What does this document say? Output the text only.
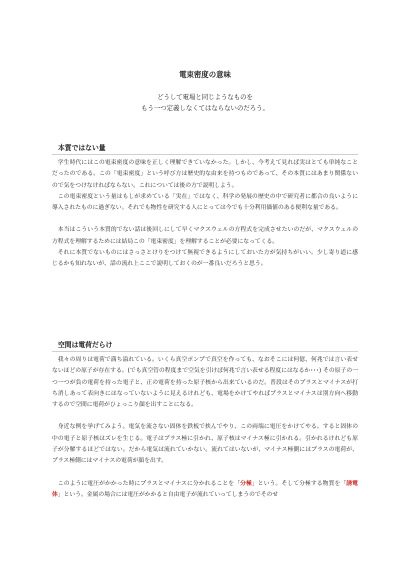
電束密度の意味
どうして電場と同じようなものを
もう一つ定義しなくてはならないのだろう。
本質ではない量

学生時代にはこの電束密度の意味を正しく理解できていなかった。しかし、今考えて見れば実はとても単純なことだったのである。この「電束密度」という呼び方は歴史的な由来を持つものであって、その本質にはあまり関係ないので気をつけなければならない。これについては後の方で説明しよう。

この電束密度という量はもしが求めている「実在」ではなく、科学の発展の歴史の中で研究者に都合の良いように導入されたものに過ぎない。それでも物性を研究する人にとっては今でも十分利用価値のある便利な量である。

本当はこういう本質的でない話は後回しにして早くマクスウェルの方程式を完成させたいのだが、マクスウェルの方程式を理解するためには結局この「電束密度」を理解することが必要になってくる。

それに本質でないものにはさっさとけりをつけて無視できるようにしておいた方が気持ちがいい。少し寄り道に感じるかも知れないが、話の流れ上ここで説明しておくのが一番良いだろうと思う。

空間は電荷だらけ

我々の周りは電荷で満ち溢れている。いくら真空ポンプで真空を作っても、なおそこには何億、何兆では言い表せないほどの原子が存在する。(でも真空管の程度まで空気を引けば何兆で言い表せる程度にはなるか･･･) その原子の一つ一つが負の電荷を持った電子と、正の電荷を持った原子核から出来ているのだ。普段はそのプラスとマイナスが打ち消しあって表向きにはなっていないように見えるけれども、電場をかけてやればプラスとマイナスは別方向へ移動するので空間に電荷がひょっこり顔を出すことになる。

身近な例を挙げてみよう。電気を流さない固体を鉄板で挟んでやり、この両端に電圧をかけてやる。すると固体の中の電子と原子核はズレを生じる。電子はプラス極に引かれ、原子核はマイナス極に引かれる。引かれるけれども原子が分解するほどではない。だから電気は流れていかない。流れてはいないが、マイナス極側にはプラスの電荷が、プラス極側にはマイナスの電荷が顔を出す。

このように電圧がかかった時にプラスとマイナスに分かれることを「分極」という。そして分極する物質を「誘電体」という。金属の場合には電圧がかかると自由電子が流れていってしまうのでそのせ
